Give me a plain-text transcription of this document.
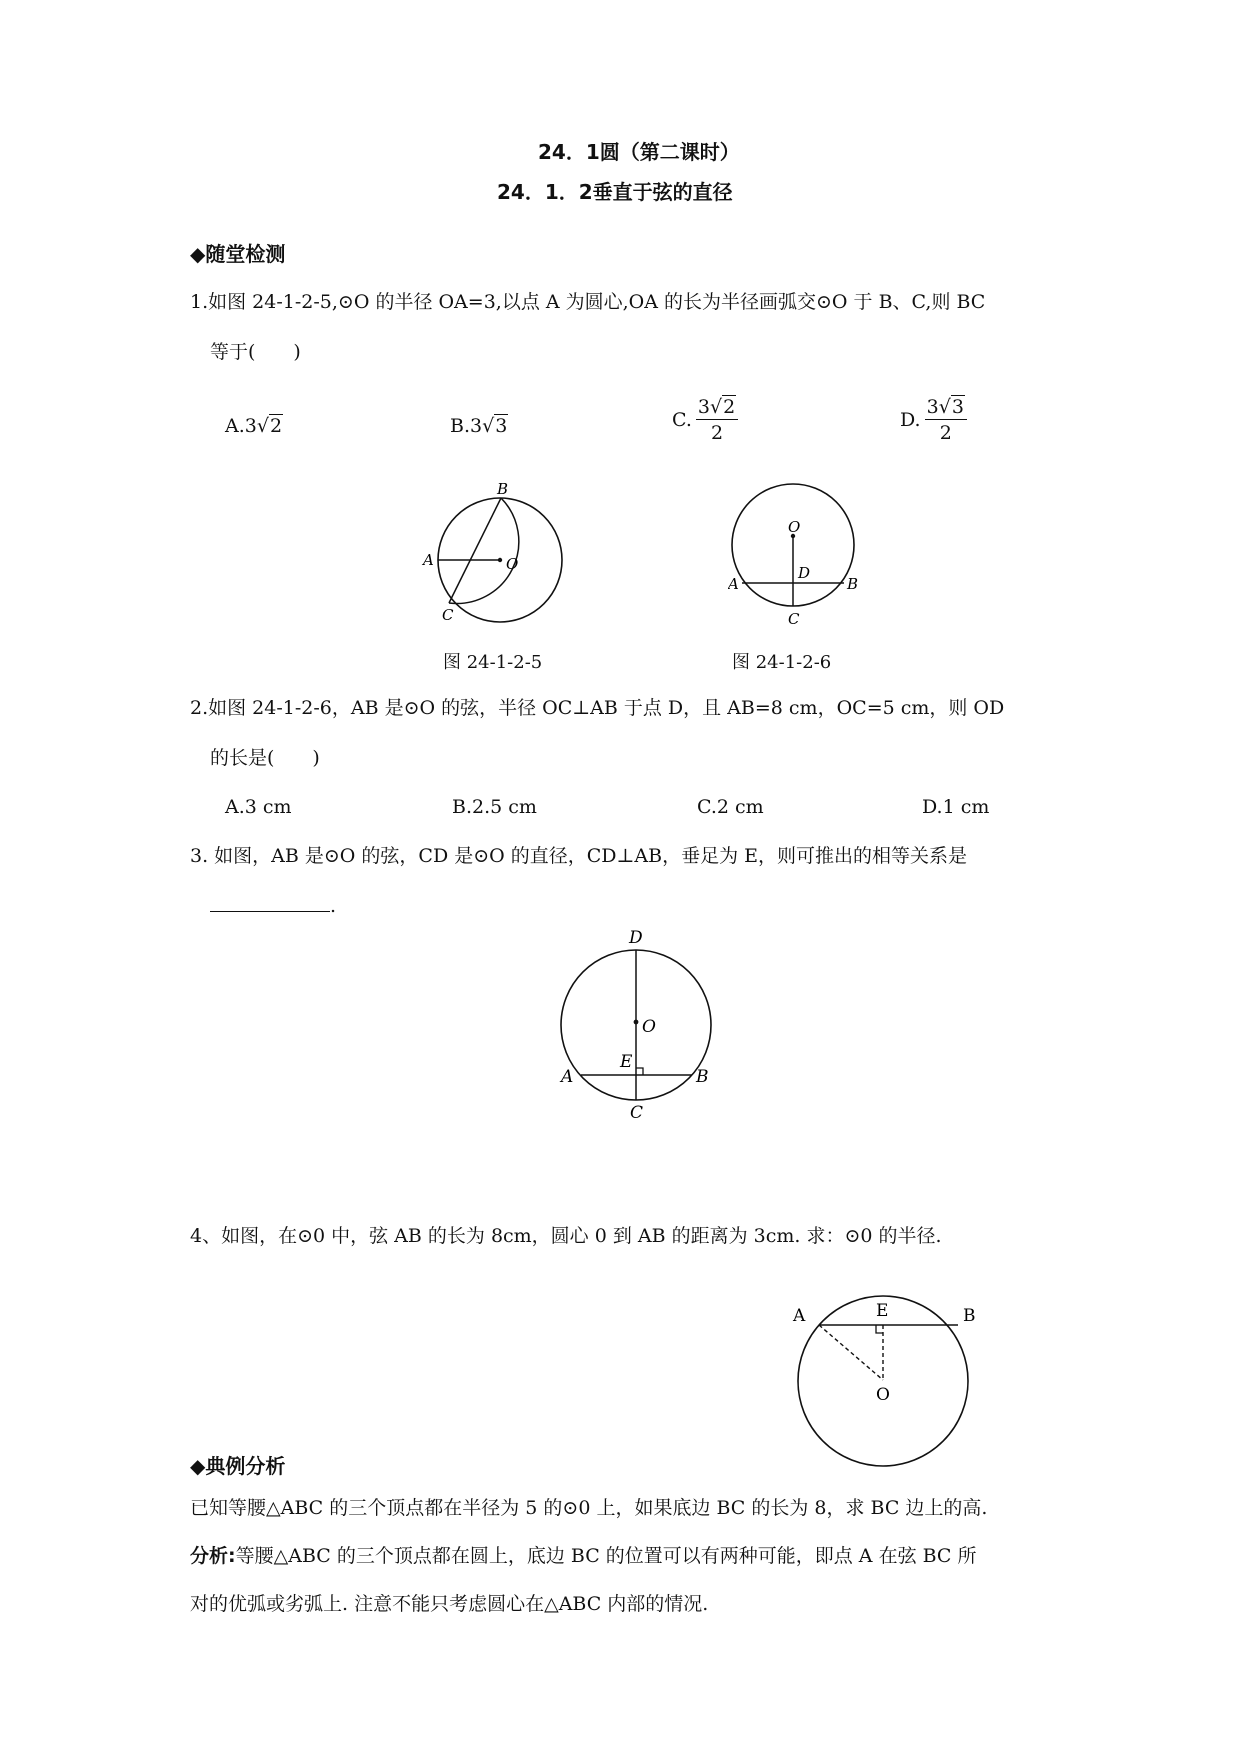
24．1圆（第二课时）
24．1．2垂直于弦的直径
◆随堂检测
1.如图 24-1-2-5,⊙O 的半径 OA=3,以点 A 为圆心,OA 的长为半径画弧交⊙O 于 B、C,则 BC
等于(　　)
A.3√2	B.3√3	C. $\frac{3√2}{2}$	D. $\frac{3√3}{2}$
B
A	O
C
O
D
A	B
C
图 24-1-2-5	图 24-1-2-6
2.如图 24-1-2-6，AB 是⊙O 的弦，半径 OC⊥AB 于点 D，且 AB=8 cm，OC=5 cm，则 OD
的长是(　　)
A.3 cm	B.2.5 cm	C.2 cm	D.1 cm
3. 如图，AB 是⊙O 的弦，CD 是⊙O 的直径，CD⊥AB，垂足为 E，则可推出的相等关系是
.
D
O
E
A	B
C
4、如图，在⊙0 中，弦 AB 的长为 8cm，圆心 0 到 AB 的距离为 3cm. 求：⊙0 的半径.
A	E	B
O
◆典例分析
已知等腰△ABC 的三个顶点都在半径为 5 的⊙0 上，如果底边 BC 的长为 8，求 BC 边上的高.
分析:等腰△ABC 的三个顶点都在圆上，底边 BC 的位置可以有两种可能，即点 A 在弦 BC 所
对的优弧或劣弧上. 注意不能只考虑圆心在△ABC 内部的情况.
